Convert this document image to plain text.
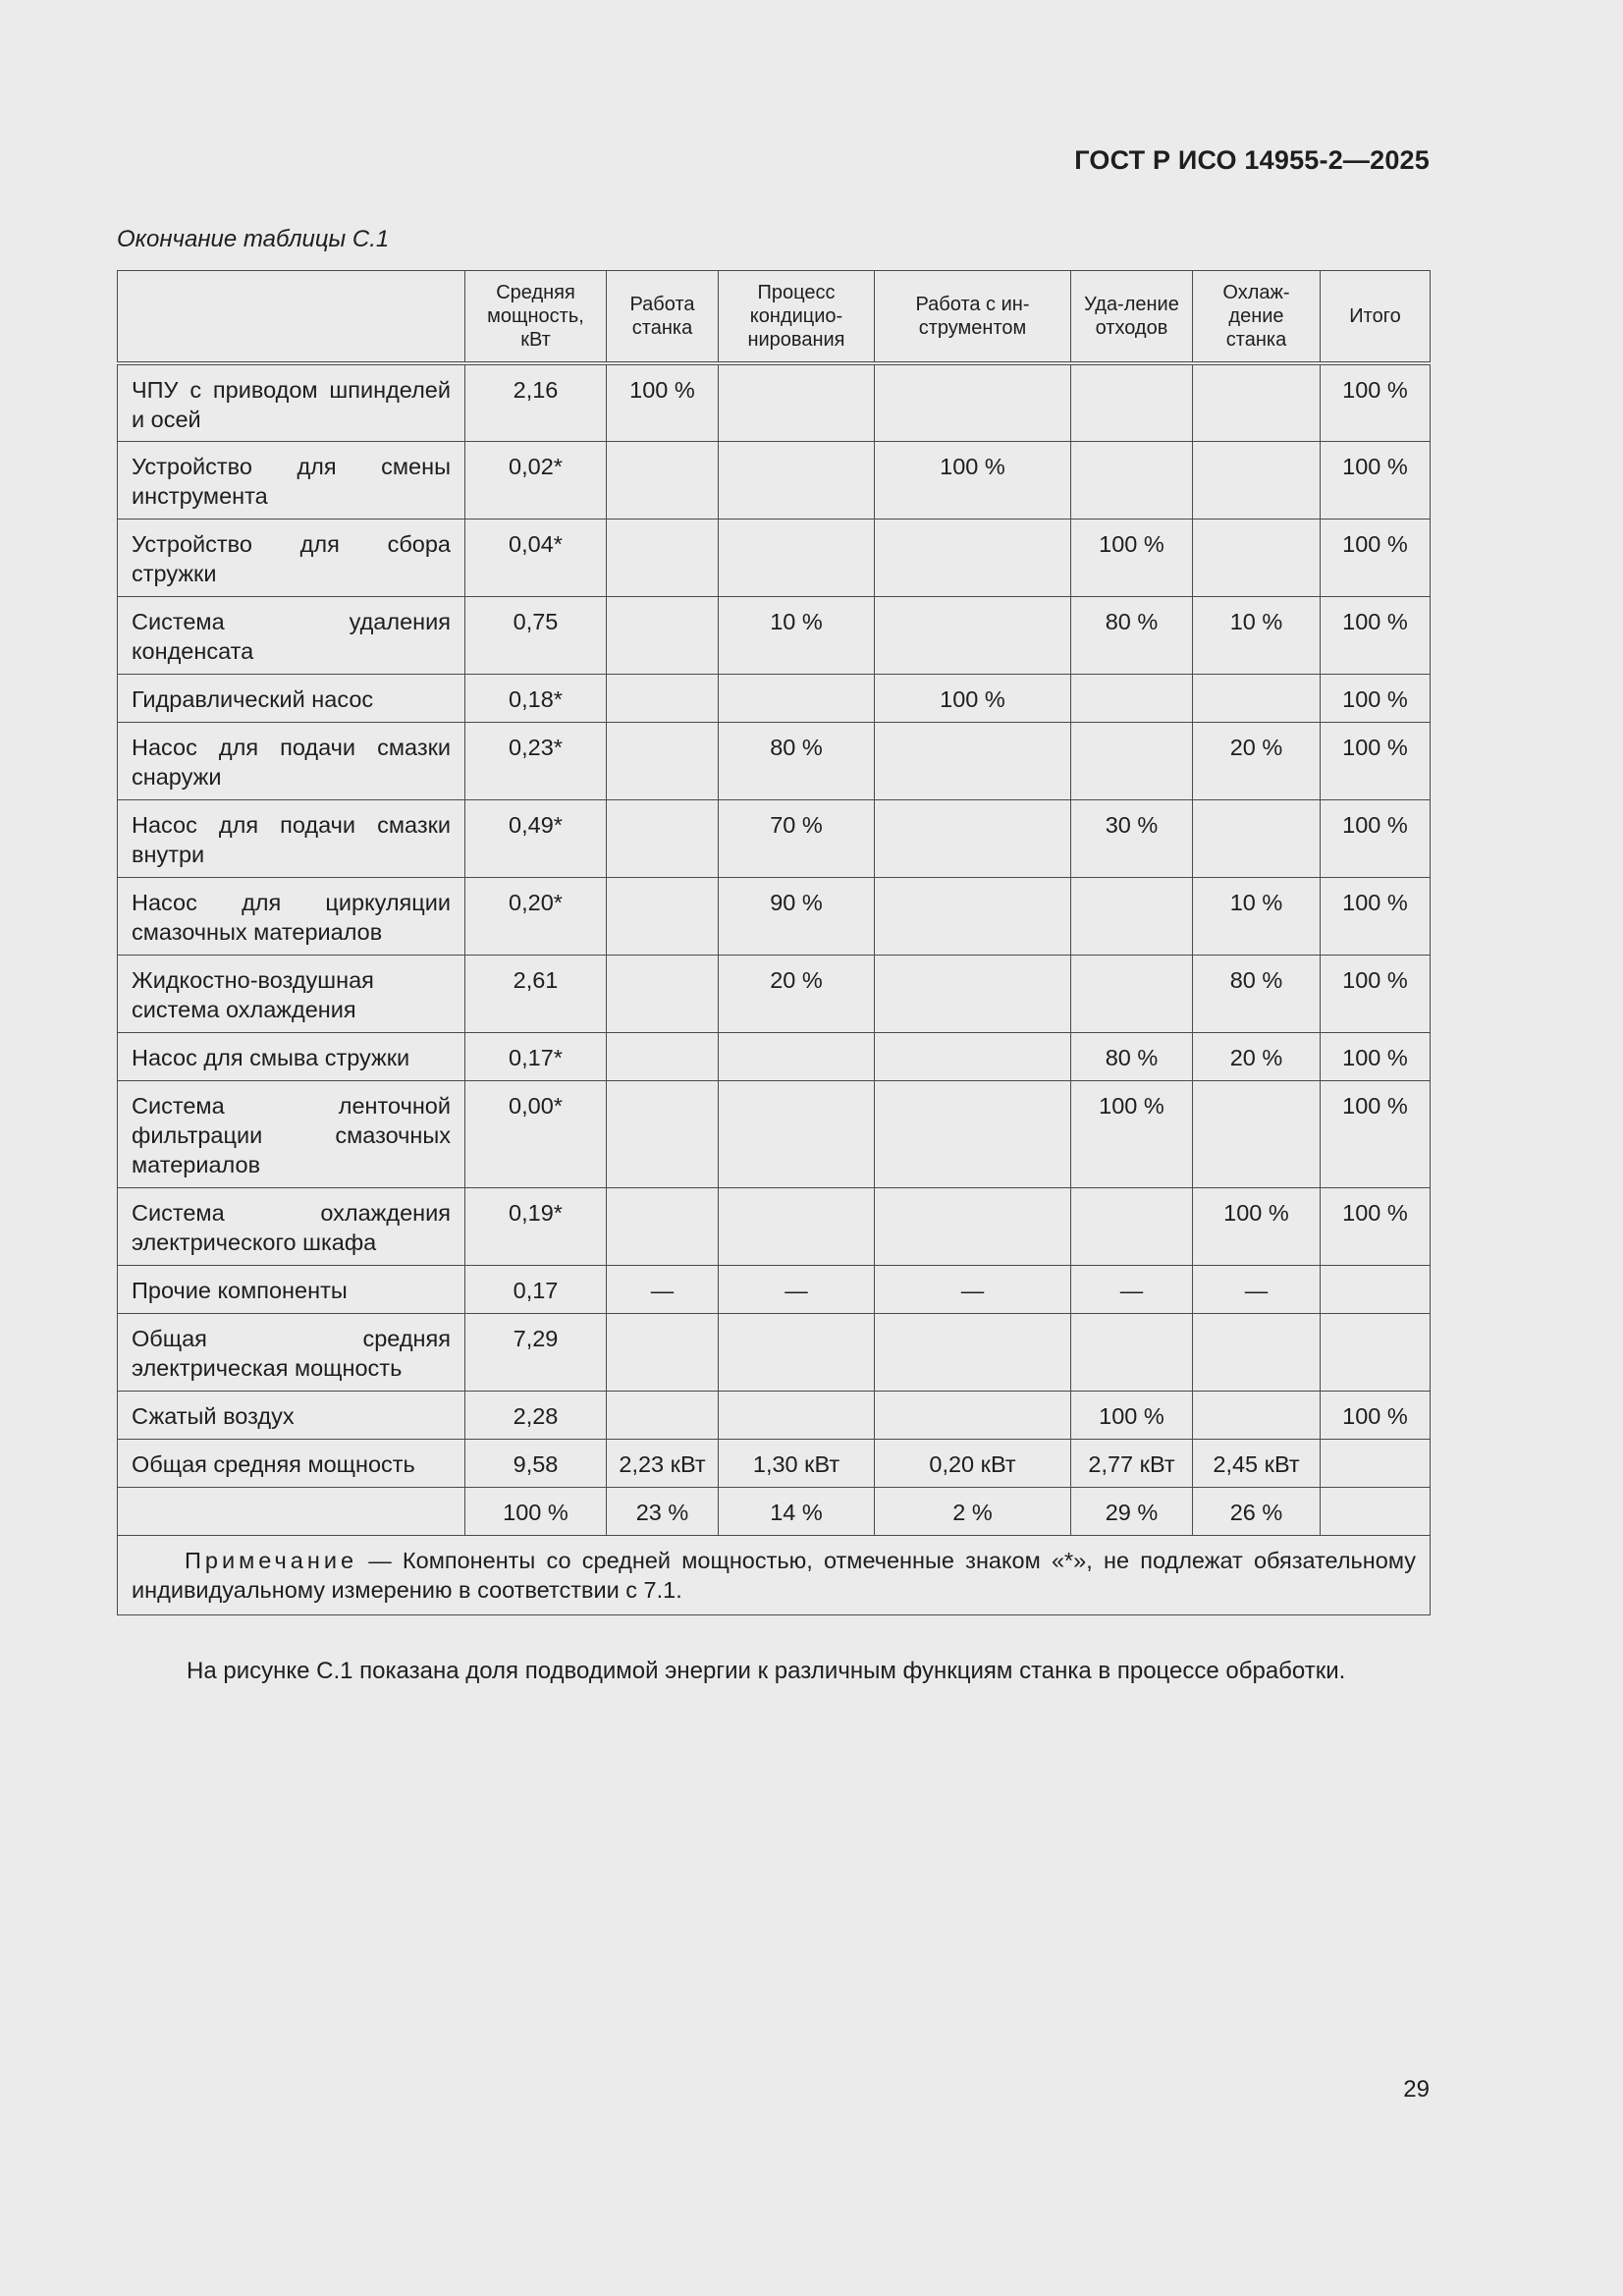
ГОСТ Р ИСО 14955-2—2025
Окончание таблицы С.1
	Средняя мощность, кВт	Работа станка	Процесс кондицио-нирования	Работа с ин-струментом	Уда-ление отходов	Охлаж-дение станка	Итого
ЧПУ с приводом шпинделей и осей	2,16	100 %					100 %
Устройство для смены инструмента	0,02*			100 %			100 %
Устройство для сбора стружки	0,04*				100 %		100 %
Система удаления конденсата	0,75		10 %		80 %	10 %	100 %
Гидравлический насос	0,18*			100 %			100 %
Насос для подачи смазки снаружи	0,23*		80 %			20 %	100 %
Насос для подачи смазки внутри	0,49*		70 %		30 %		100 %
Насос для циркуляции смазочных материалов	0,20*		90 %			10 %	100 %
Жидкостно-воздушная система охлаждения	2,61		20 %			80 %	100 %
Насос для смыва стружки	0,17*				80 %	20 %	100 %
Система ленточной фильтрации смазочных материалов	0,00*				100 %		100 %
Система охлаждения электрического шкафа	0,19*					100 %	100 %
Прочие компоненты	0,17	—	—	—	—	—	
Общая средняя электрическая мощность	7,29						
Сжатый воздух	2,28				100 %		100 %
Общая средняя мощность	9,58	2,23 кВт	1,30 кВт	0,20 кВт	2,77 кВт	2,45 кВт	
	100 %	23 %	14 %	2 %	29 %	26 %	
Примечание — Компоненты со средней мощностью, отмеченные знаком «*», не подлежат обязательному индивидуальному измерению в соответствии с 7.1.							
На рисунке С.1 показана доля подводимой энергии к различным функциям станка в процессе обработки.
29
